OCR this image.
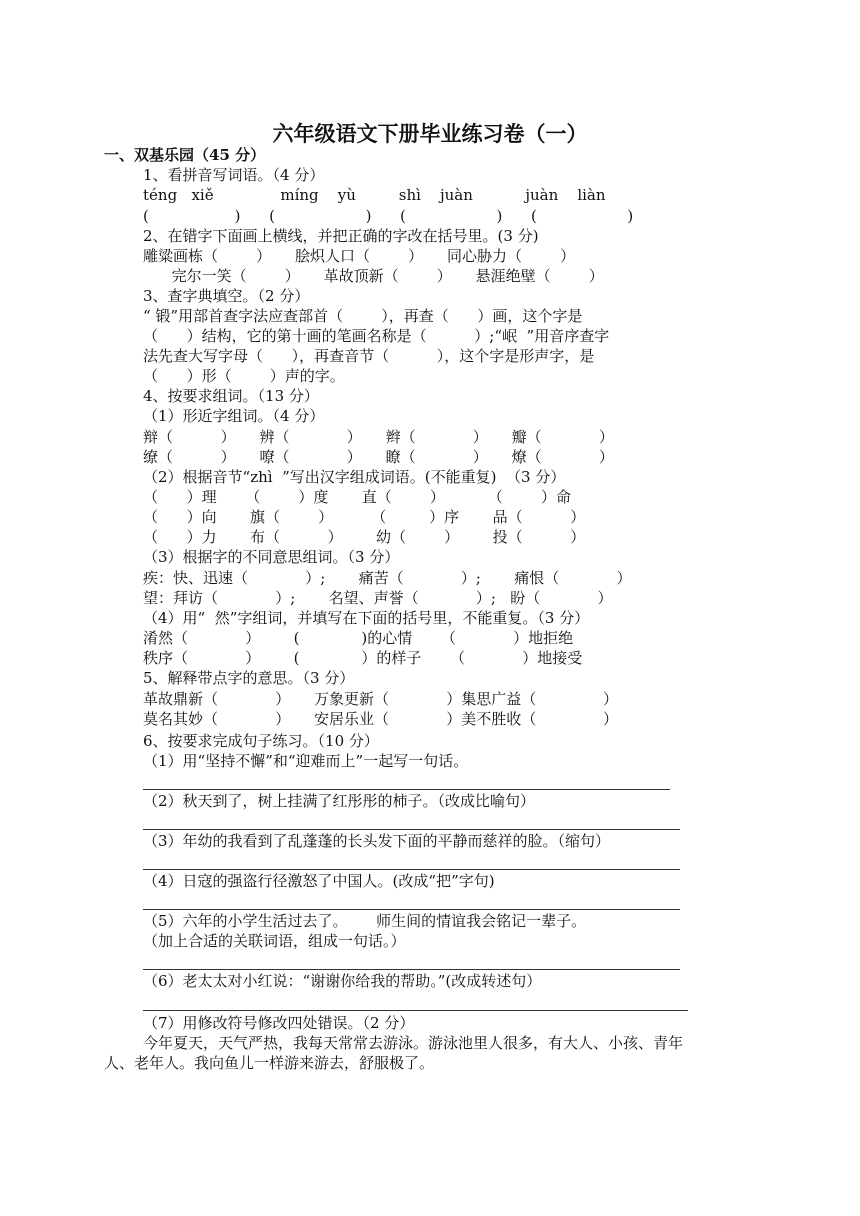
六年级语文下册毕业练习卷（一）
一、双基乐园（45 分）
1、看拼音写词语。（4 分）
téng   xiě              míng    yù         shì    juàn           juàn    liàn
(                  )      (                   )      (                   )      (                   )
2、在错字下面画上横线，并把正确的字改在括号里。(3 分)
雕粱画栋（        ）     脍炽人口（        ）     同心胁力（        ）
完尔一笑（        ）     革故顶新（        ）     悬涯绝壁（        ）
3、查字典填空。（2 分）
“ 锻”用部首查字法应查部首（        ），再查（      ）画，这个字是
（      ）结构，它的第十画的笔画名称是（          ）;“岷  ”用音序查字
法先查大写字母（      ），再查音节（          ），这个字是形声字，是
（      ）形（        ）声的字。
4、按要求组词。（13 分）
（1）形近字组词。（4 分）
辩（          ）     辨（            ）     辫（            ）     瓣（            ）
缭（          ）     嘹（            ）     瞭（            ）     燎（            ）
（2）根据音节“zhì  ”写出汉字组成词语。(不能重复)  （3 分）
（      ）理      （        ）度       直（        ）         （        ）命
（      ）向       旗（        ）        （         ）序       品（          ）
（      ）力       布（          ）       幼（        ）       投（          ）
（3）根据字的不同意思组词。（3 分）
疾：快、迅速（            ）;       痛苦（            ）;       痛恨（            ）
望：拜访（            ）;       名望、声誉（            ）;   盼（            ）
（4）用“  然”字组词，并填写在下面的括号里，不能重复。（3 分）
淆然（            ）       (             )的心情      （            ）地拒绝
秩序（            ）       (             ）的样子      （            ）地接受
5、解释带点字的意思。（3 分）
革故鼎新（            ）     万象更新（            ）集思广益（              ）
莫名其妙（            ）     安居乐业（            ）美不胜收（              ）
6、按要求完成句子练习。（10 分）
（1）用“坚持不懈”和“迎难而上”一起写一句话。
（2）秋天到了，树上挂满了红彤彤的柿子。（改成比喻句）
（3）年幼的我看到了乱蓬蓬的长头发下面的平静而慈祥的脸。（缩句）
（4）日寇的强盗行径激怒了中国人。(改成“把”字句)
（5）六年的小学生活过去了。      师生间的情谊我会铭记一辈子。
（加上合适的关联词语，组成一句话。）
（6）老太太对小红说：“谢谢你给我的帮助。”(改成转述句）
（7）用修改符号修改四处错误。（2 分）
今年夏天，天气严热，我每天常常去游泳。游泳池里人很多，有大人、小孩、青年
人、老年人。我向鱼儿一样游来游去，舒服极了。
